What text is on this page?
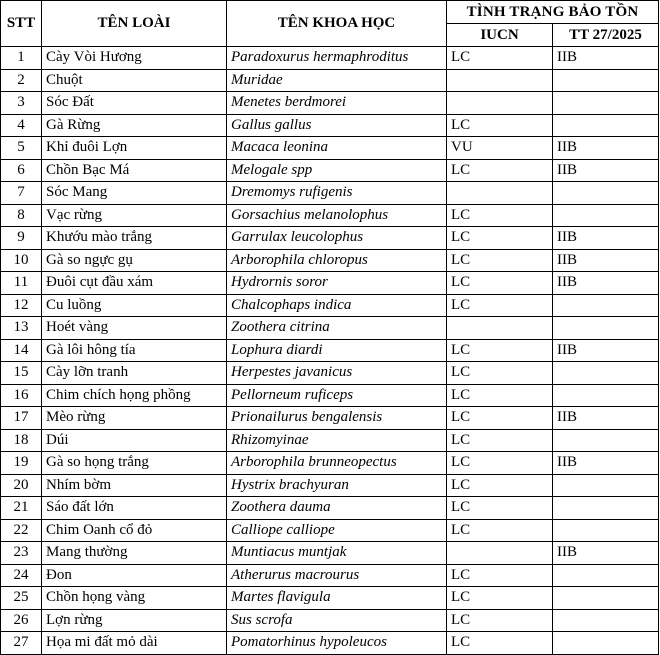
STT	TÊN LOÀI	TÊN KHOA HỌC	TÌNH TRẠNG BẢO TỒN	
			IUCN	TT 27/2025
1	Cày Vòi Hương	Paradoxurus hermaphroditus	LC	IIB
2	Chuột	Muridae		
3	Sóc Đất	Menetes berdmorei		
4	Gà Rừng	Gallus gallus	LC	
5	Khỉ đuôi Lợn	Macaca leonina	VU	IIB
6	Chồn Bạc Má	Melogale spp	LC	IIB
7	Sóc Mang	Dremomys rufigenis		
8	Vạc rừng	Gorsachius melanolophus	LC	
9	Khướu mào trắng	Garrulax leucolophus	LC	IIB
10	Gà so ngực gụ	Arborophila chloropus	LC	IIB
11	Đuôi cụt đầu xám	Hydrornis soror	LC	IIB
12	Cu luồng	Chalcophaps indica	LC	
13	Hoét vàng	Zoothera citrina		
14	Gà lôi hông tía	Lophura diardi	LC	IIB
15	Cày lỡn tranh	Herpestes javanicus	LC	
16	Chim chích họng phồng	Pellorneum ruficeps	LC	
17	Mèo rừng	Prionailurus bengalensis	LC	IIB
18	Dúi	Rhizomyinae	LC	
19	Gà so họng trắng	Arborophila brunneopectus	LC	IIB
20	Nhím bờm	Hystrix brachyuran	LC	
21	Sáo đất lớn	Zoothera dauma	LC	
22	Chim Oanh cổ đỏ	Calliope calliope	LC	
23	Mang thường	Muntiacus muntjak		IIB
24	Đon	Atherurus macrourus	LC	
25	Chồn họng vàng	Martes flavigula	LC	
26	Lợn rừng	Sus scrofa	LC	
27	Họa mi đất mỏ dài	Pomatorhinus hypoleucos	LC	
